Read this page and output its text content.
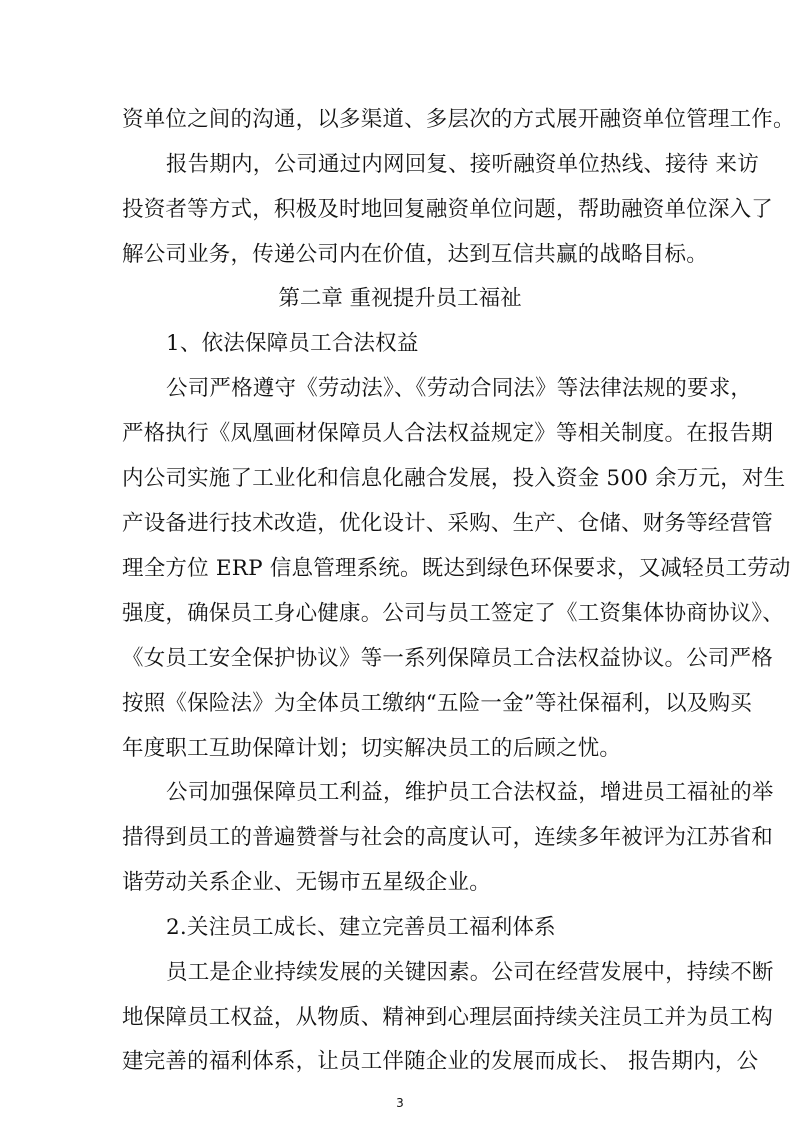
资单位之间的沟通，以多渠道、多层次的方式展开融资单位管理工作。
报告期内，公司通过内网回复、接听融资单位热线、接待 来访
投资者等方式，积极及时地回复融资单位问题，帮助融资单位深入了
解公司业务，传递公司内在价值，达到互信共赢的战略目标。
第二章 重视提升员工福祉
1、依法保障员工合法权益
公司严格遵守《劳动法》、《劳动合同法》等法律法规的要求，
严格执行《凤凰画材保障员人合法权益规定》等相关制度。在报告期
内公司实施了工业化和信息化融合发展，投入资金 500 余万元，对生
产设备进行技术改造，优化设计、采购、生产、仓储、财务等经营管
理全方位 ERP 信息管理系统。既达到绿色环保要求，又减轻员工劳动
强度，确保员工身心健康。公司与员工签定了《工资集体协商协议》、
《女员工安全保护协议》等一系列保障员工合法权益协议。公司严格
按照《保险法》为全体员工缴纳“五险一金”等社保福利，以及购买
年度职工互助保障计划；切实解决员工的后顾之忧。
公司加强保障员工利益，维护员工合法权益，增进员工福祉的举
措得到员工的普遍赞誉与社会的高度认可，连续多年被评为江苏省和
谐劳动关系企业、无锡市五星级企业。
2.关注员工成长、建立完善员工福利体系
员工是企业持续发展的关键因素。公司在经营发展中，持续不断
地保障员工权益，从物质、精神到心理层面持续关注员工并为员工构
建完善的福利体系，让员工伴随企业的发展而成长、 报告期内，公
3
